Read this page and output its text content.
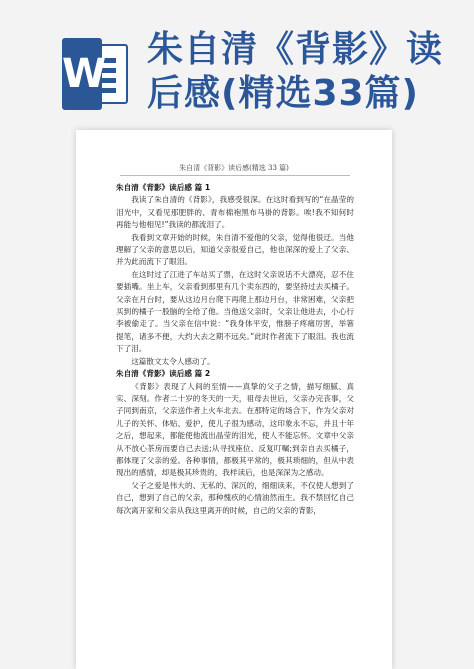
W
朱自清《背影》读
后感(精选33篇)
朱自清《背影》读后感(精选 33 篇)

朱自清《背影》读后感 篇 1

我读了朱自清的《背影》，我感受很深。在这时看到写的“在晶莹的泪光中，又看见那肥胖的、青布棉袍黑布马褂的背影。唉!我不知何时再能与他相见!”我读的都流泪了。

我看到文章开始的时候，朱自清不爱他的父亲，觉得他很迂。当他理解了父亲的意思以后，知道父亲很爱自己，他也深深的爱上了父亲、并为此而流下了眼泪。

在这时过了江进了车站买了票，在这时父亲说话不大漂亮，忍不住要插嘴。坐上车，父亲看到那里有几个卖东西的，要坚持过去买橘子。父亲在月台时，要从这边月台爬下再爬上那边月台，非常困难，父亲把买到的橘子一股脑的全给了他。当他送父亲时，父亲让他进去，小心行李被偷走了。当父亲在信中说：“我身体平安，惟膀子疼痛厉害，举箸提笔，诸多不便，大约大去之期不远矣。”此时作者流下了眼泪。我也流下了泪。

这篇散文太令人感动了。

朱自清《背影》读后感 篇 2

《背影》表现了人间的至情——真挚的父子之情，描写细腻、真实、深刻。作者二十岁的冬天的一天，祖母去世后，父亲办完丧事，父子同到南京，父亲送作者上火车北去。在那特定的场合下，作为父亲对儿子的关怀、体贴、爱护，使儿子很为感动，这印象永不忘，并且十年之后，想起来，都能使他流出晶莹的泪光，使人不能忘怀。文章中父亲从不放心茶房而要自己去送;从寻找座位、反复叮嘱;到亲自去买橘子，都体现了父亲的爱。各种事情，都极其平常的，极其琐细的，但从中表现出的感情，却是极其珍贵的，我样读后，也是深深为之感动。

父子之爱是伟大的、无私的、深沉的，细细读来，不仅使人想到了自己，想到了自己的父亲，那种愧疚的心情油然而生。我不禁回忆自己每次离开家和父亲从我这里离开的时候，自己的父亲的背影，
